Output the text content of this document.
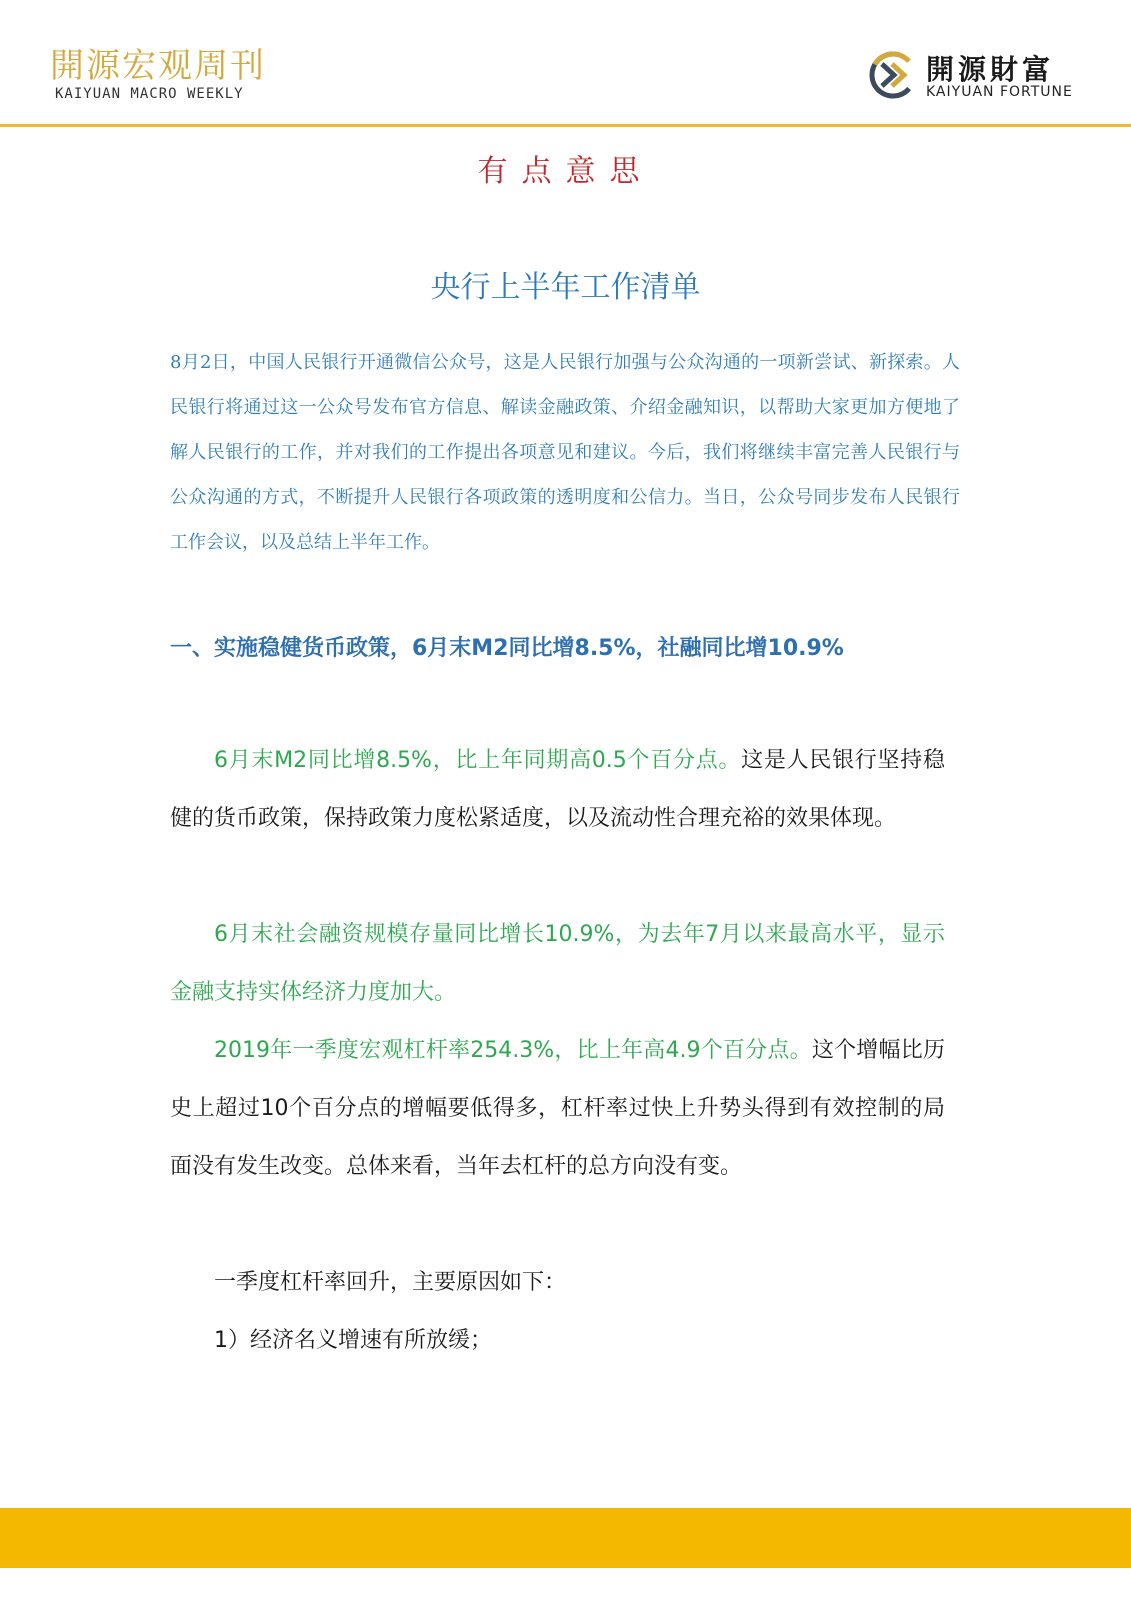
開源宏观周刊
KAIYUAN MACRO WEEKLY
開源財富
KAIYUAN FORTUNE
有点意思
央行上半年工作清单

8月2日，中国人民银行开通微信公众号，这是人民银行加强与公众沟通的一项新尝试、新探索。人民银行将通过这一公众号发布官方信息、解读金融政策、介绍金融知识，以帮助大家更加方便地了解人民银行的工作，并对我们的工作提出各项意见和建议。今后，我们将继续丰富完善人民银行与公众沟通的方式，不断提升人民银行各项政策的透明度和公信力。当日，公众号同步发布人民银行工作会议，以及总结上半年工作。

一、实施稳健货币政策，6月末M2同比增8.5%，社融同比增10.9%

6月末M2同比增8.5%，比上年同期高0.5个百分点。这是人民银行坚持稳健的货币政策，保持政策力度松紧适度，以及流动性合理充裕的效果体现。

6月末社会融资规模存量同比增长10.9%，为去年7月以来最高水平，显示金融支持实体经济力度加大。

2019年一季度宏观杠杆率254.3%，比上年高4.9个百分点。这个增幅比历史上超过10个百分点的增幅要低得多，杠杆率过快上升势头得到有效控制的局面没有发生改变。总体来看，当年去杠杆的总方向没有变。

一季度杠杆率回升，主要原因如下：

1）经济名义增速有所放缓；
